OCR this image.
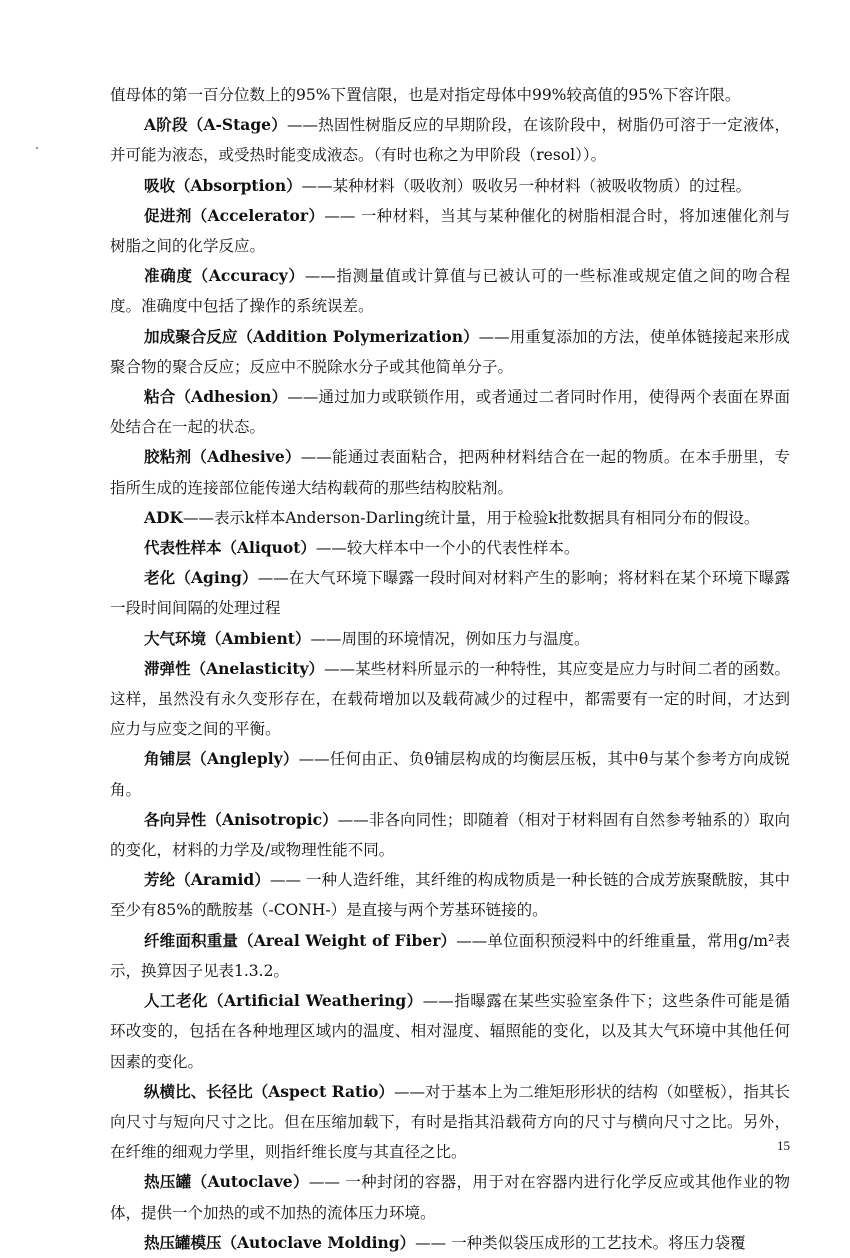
值母体的第一百分位数上的95%下置信限，也是对指定母体中99%较高值的95%下容许限。

A阶段（A-Stage）——热固性树脂反应的早期阶段，在该阶段中，树脂仍可溶于一定液体，并可能为液态，或受热时能变成液态。（有时也称之为甲阶段（resol））。

吸收（Absorption）——某种材料（吸收剂）吸收另一种材料（被吸收物质）的过程。

促进剂（Accelerator）—— 一种材料，当其与某种催化的树脂相混合时，将加速催化剂与树脂之间的化学反应。

准确度（Accuracy）——指测量值或计算值与已被认可的一些标准或规定值之间的吻合程度。准确度中包括了操作的系统误差。

加成聚合反应（Addition Polymerization）——用重复添加的方法，使单体链接起来形成聚合物的聚合反应；反应中不脱除水分子或其他简单分子。

粘合（Adhesion）——通过加力或联锁作用，或者通过二者同时作用，使得两个表面在界面处结合在一起的状态。

胶粘剂（Adhesive）——能通过表面粘合，把两种材料结合在一起的物质。在本手册里，专指所生成的连接部位能传递大结构载荷的那些结构胶粘剂。

ADK——表示k样本Anderson-Darling统计量，用于检验k批数据具有相同分布的假设。

代表性样本（Aliquot）——较大样本中一个小的代表性样本。

老化（Aging）——在大气环境下曝露一段时间对材料产生的影响；将材料在某个环境下曝露一段时间间隔的处理过程

大气环境（Ambient）——周围的环境情况，例如压力与温度。

滞弹性（Anelasticity）——某些材料所显示的一种特性，其应变是应力与时间二者的函数。这样，虽然没有永久变形存在，在载荷增加以及载荷减少的过程中，都需要有一定的时间，才达到应力与应变之间的平衡。

角铺层（Angleply）——任何由正、负θ铺层构成的均衡层压板，其中θ与某个参考方向成锐角。

各向异性（Anisotropic）——非各向同性；即随着（相对于材料固有自然参考轴系的）取向的变化，材料的力学及/或物理性能不同。

芳纶（Aramid）—— 一种人造纤维，其纤维的构成物质是一种长链的合成芳族聚酰胺，其中至少有85%的酰胺基（-CONH-）是直接与两个芳基环链接的。

纤维面积重量（Areal Weight of Fiber）——单位面积预浸料中的纤维重量，常用g/m²表示，换算因子见表1.3.2。

人工老化（Artificial Weathering）——指曝露在某些实验室条件下；这些条件可能是循环改变的，包括在各种地理区域内的温度、相对湿度、辐照能的变化，以及其大气环境中其他任何因素的变化。

纵横比、长径比（Aspect Ratio）——对于基本上为二维矩形形状的结构（如壁板），指其长向尺寸与短向尺寸之比。但在压缩加载下，有时是指其沿载荷方向的尺寸与横向尺寸之比。另外，在纤维的细观力学里，则指纤维长度与其直径之比。

热压罐（Autoclave）—— 一种封闭的容器，用于对在容器内进行化学反应或其他作业的物体，提供一个加热的或不加热的流体压力环境。

热压罐模压（Autoclave Molding）—— 一种类似袋压成形的工艺技术。将压力袋覆

15
